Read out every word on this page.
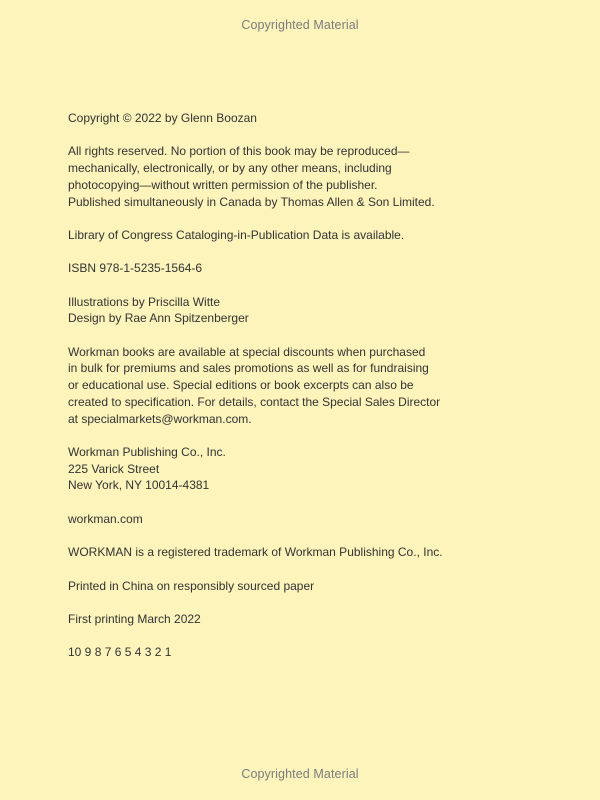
Copyrighted Material
Copyright © 2022 by Glenn Boozan
All rights reserved. No portion of this book may be reproduced—
mechanically, electronically, or by any other means, including
photocopying—without written permission of the publisher.
Published simultaneously in Canada by Thomas Allen & Son Limited.
Library of Congress Cataloging-in-Publication Data is available.
ISBN 978-1-5235-1564-6
Illustrations by Priscilla Witte
Design by Rae Ann Spitzenberger
Workman books are available at special discounts when purchased
in bulk for premiums and sales promotions as well as for fundraising
or educational use. Special editions or book excerpts can also be
created to specification. For details, contact the Special Sales Director
at specialmarkets@workman.com.
Workman Publishing Co., Inc.
225 Varick Street
New York, NY 10014-4381
workman.com
WORKMAN is a registered trademark of Workman Publishing Co., Inc.
Printed in China on responsibly sourced paper
First printing March 2022
10 9 8 7 6 5 4 3 2 1
Copyrighted Material
